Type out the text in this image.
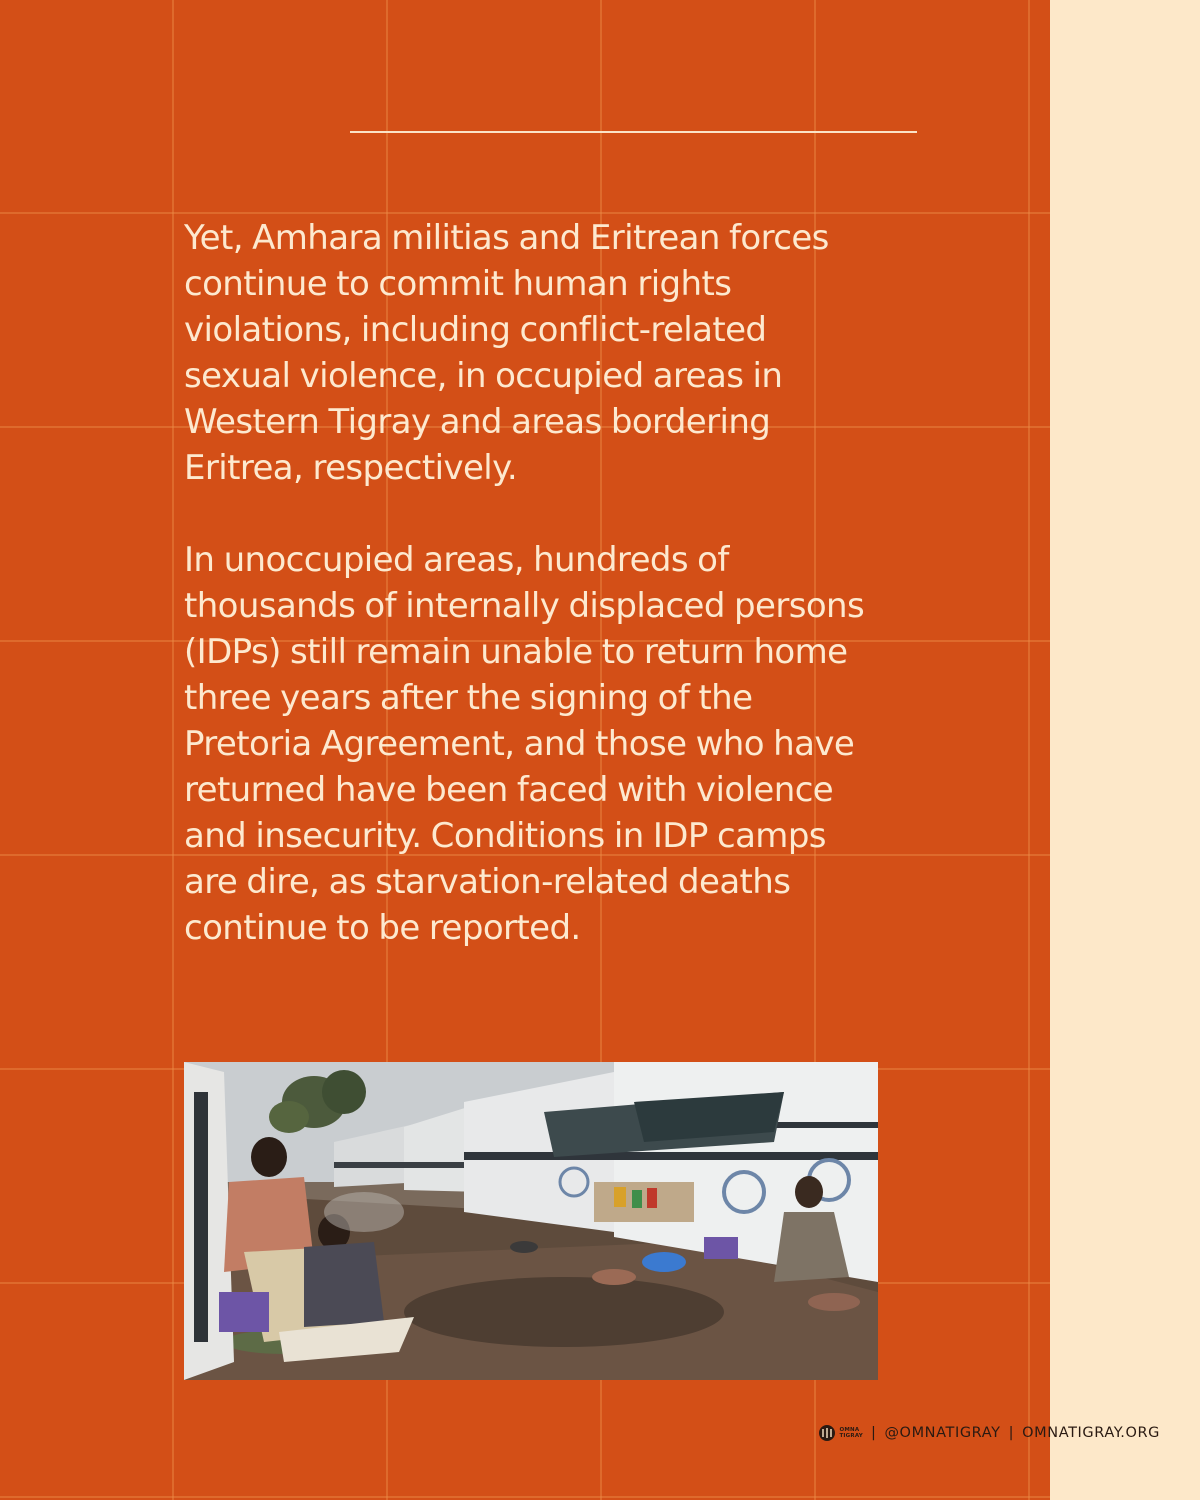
Yet, Amhara militias and Eritrean forces continue to commit human rights violations, including conflict-related sexual violence, in occupied areas in Western Tigray and areas bordering Eritrea, respectively.

In unoccupied areas, hundreds of thousands of internally displaced persons (IDPs) still remain unable to return home three years after the signing of the Pretoria Agreement, and those who have returned have been faced with violence and insecurity. Conditions in IDP camps are dire, as starvation-related deaths continue to be reported.

OMNA
TIGRAY | @OMNATIGRAY | OMNATIGRAY.ORG
